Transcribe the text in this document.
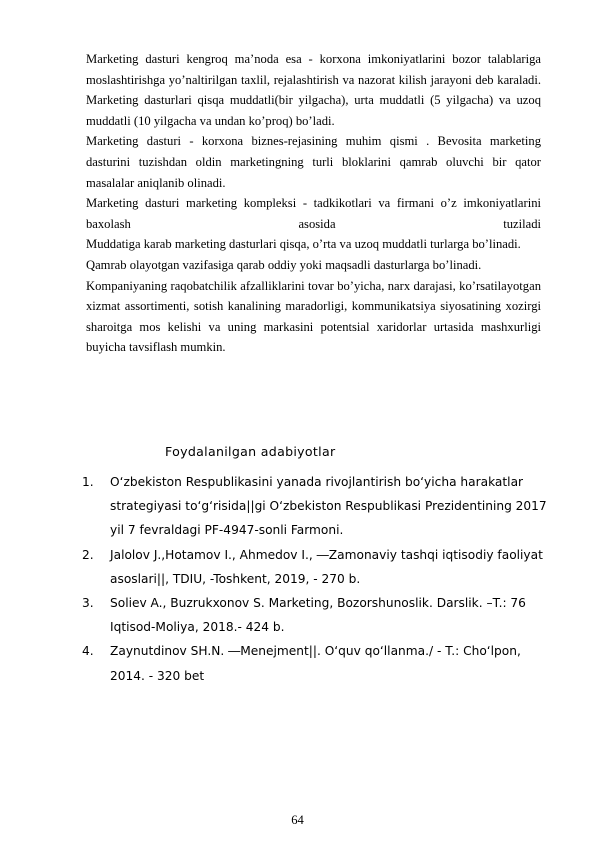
Marketing dasturi kengroq ma’noda esa - korxona imkoniyatlarini bozor talablariga moslashtirishga yo’naltirilgan taxlil, rejalashtirish va nazorat kilish jarayoni deb karaladi. Marketing dasturlari qisqa muddatli(bir yilgacha), urta muddatli (5 yilgacha) va uzoq muddatli (10 yilgacha va undan ko’proq) bo’ladi.

Marketing dasturi - korxona biznes-rejasining muhim qismi . Bevosita marketing dasturini tuzishdan oldin marketingning turli bloklarini qamrab oluvchi bir qator masalalar aniqlanib olinadi.

Marketing dasturi marketing kompleksi - tadkikotlari va firmani o’z imkoniyatlarini baxolash asosida tuziladi

Muddatiga karab marketing dasturlari qisqa, o’rta va uzoq muddatli turlarga bo’linadi.

Qamrab olayotgan vazifasiga qarab oddiy yoki maqsadli dasturlarga bo’linadi.

Kompaniyaning raqobatchilik afzalliklarini tovar bo’yicha, narx darajasi, ko’rsatilayotgan xizmat assortimenti, sotish kanalining maradorligi, kommunikatsiya siyosatining xozirgi sharoitga mos kelishi va uning markasini potentsial xaridorlar urtasida mashxurligi buyicha tavsiflash mumkin.

Foydalanilgan adabiyotlar
1.	O‘zbekiston Respublikasini yanada rivojlantirish bo‘yicha harakatlar strategiyasi to‘g‘risida||gi O‘zbekiston Respublikasi Prezidentining 2017 yil 7 fevraldagi PF-4947-sonli Farmoni.
2.	Jalolov J.,Hotamov I., Ahmedov I., ―Zamonaviy tashqi iqtisodiy faoliyat asoslari||, TDIU, -Toshkent, 2019, - 270 b.
3.	Soliev A., Buzrukxonov S. Marketing, Bozorshunoslik. Darslik. –T.: 76 Iqtisod-Moliya, 2018.- 424 b.
4.	Zaynutdinov SH.N. ―Menejment||. O‘quv qo‘llanma./ - T.: Cho‘lpon, 2014. - 320 bet
64
